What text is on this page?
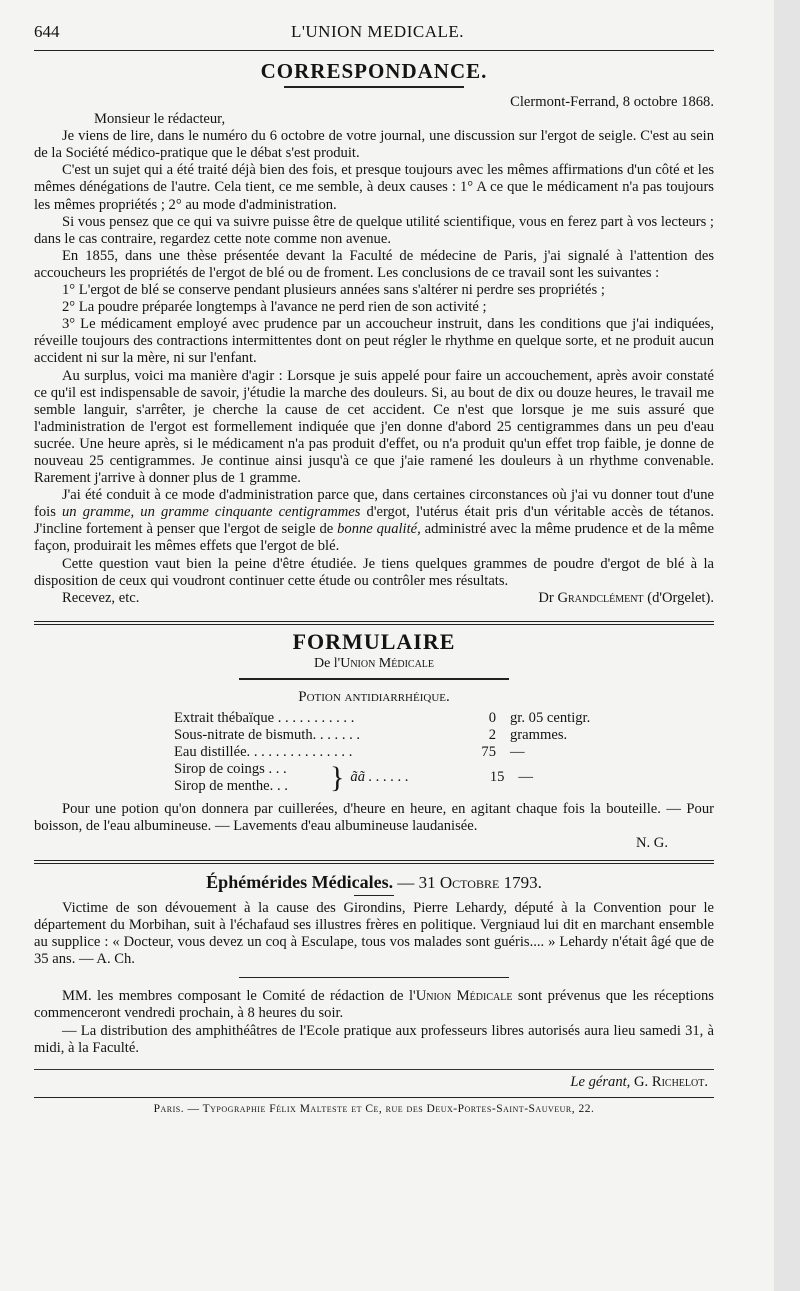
644	L'UNION MEDICALE.
CORRESPONDANCE.

Clermont-Ferrand, 8 octobre 1868.

Monsieur le rédacteur,

Je viens de lire, dans le numéro du 6 octobre de votre journal, une discussion sur l'ergot de seigle. C'est au sein de la Société médico-pratique que le débat s'est produit.

C'est un sujet qui a été traité déjà bien des fois, et presque toujours avec les mêmes affirmations d'un côté et les mêmes dénégations de l'autre. Cela tient, ce me semble, à deux causes : 1° A ce que le médicament n'a pas toujours les mêmes propriétés ; 2° au mode d'administration.

Si vous pensez que ce qui va suivre puisse être de quelque utilité scientifique, vous en ferez part à vos lecteurs ; dans le cas contraire, regardez cette note comme non avenue.

En 1855, dans une thèse présentée devant la Faculté de médecine de Paris, j'ai signalé à l'attention des accoucheurs les propriétés de l'ergot de blé ou de froment. Les conclusions de ce travail sont les suivantes :

1° L'ergot de blé se conserve pendant plusieurs années sans s'altérer ni perdre ses propriétés ;

2° La poudre préparée longtemps à l'avance ne perd rien de son activité ;

3° Le médicament employé avec prudence par un accoucheur instruit, dans les conditions que j'ai indiquées, réveille toujours des contractions intermittentes dont on peut régler le rhythme en quelque sorte, et ne produit aucun accident ni sur la mère, ni sur l'enfant.

Au surplus, voici ma manière d'agir : Lorsque je suis appelé pour faire un accouchement, après avoir constaté ce qu'il est indispensable de savoir, j'étudie la marche des douleurs. Si, au bout de dix ou douze heures, le travail me semble languir, s'arrêter, je cherche la cause de cet accident. Ce n'est que lorsque je me suis assuré que l'administration de l'ergot est formellement indiquée que j'en donne d'abord 25 centigrammes dans un peu d'eau sucrée. Une heure après, si le médicament n'a pas produit d'effet, ou n'a produit qu'un effet trop faible, je donne de nouveau 25 centigrammes. Je continue ainsi jusqu'à ce que j'aie ramené les douleurs à un rhythme convenable. Rarement j'arrive à donner plus de 1 gramme.

J'ai été conduit à ce mode d'administration parce que, dans certaines circonstances où j'ai vu donner tout d'une fois un gramme, un gramme cinquante centigrammes d'ergot, l'utérus était pris d'un véritable accès de tétanos. J'incline fortement à penser que l'ergot de seigle de bonne qualité, administré avec la même prudence et de la même façon, produirait les mêmes effets que l'ergot de blé.

Cette question vaut bien la peine d'être étudiée. Je tiens quelques grammes de poudre d'ergot de blé à la disposition de ceux qui voudront continuer cette étude ou contrôler mes résultats.

Recevez, etc.	Dr Grandclément (d'Orgelet).
FORMULAIRE
De l'Union Médicale
Potion antidiarrhéique.
Extrait thébaïque . . . . . . . . . . .	0 gr. 05 centigr.
Sous-nitrate de bismuth. . . . . . .	2 grammes.
Eau distillée. . . . . . . . . . . . . . .	75 —
Sirop de coings . . .
Sirop de menthe. . .	} ãã . . . . . .	15 —

Pour une potion qu'on donnera par cuillerées, d'heure en heure, en agitant chaque fois la bouteille. — Pour boisson, de l'eau albumineuse. — Lavements d'eau albumineuse laudanisée.

N. G.

Éphémérides Médicales. — 31 Octobre 1793.

Victime de son dévouement à la cause des Girondins, Pierre Lehardy, député à la Convention pour le département du Morbihan, suit à l'échafaud ses illustres frères en politique. Vergniaud lui dit en marchant ensemble au supplice : « Docteur, vous devez un coq à Esculape, tous vos malades sont guéris.... » Lehardy n'était âgé que de 35 ans. — A. Ch.

MM. les membres composant le Comité de rédaction de l'Union Médicale sont prévenus que les réceptions commenceront vendredi prochain, à 8 heures du soir.

— La distribution des amphithéâtres de l'Ecole pratique aux professeurs libres autorisés aura lieu samedi 31, à midi, à la Faculté.

Le gérant, G. Richelot.

Paris. — Typographie Félix Malteste et Ce, rue des Deux-Portes-Saint-Sauveur, 22.
